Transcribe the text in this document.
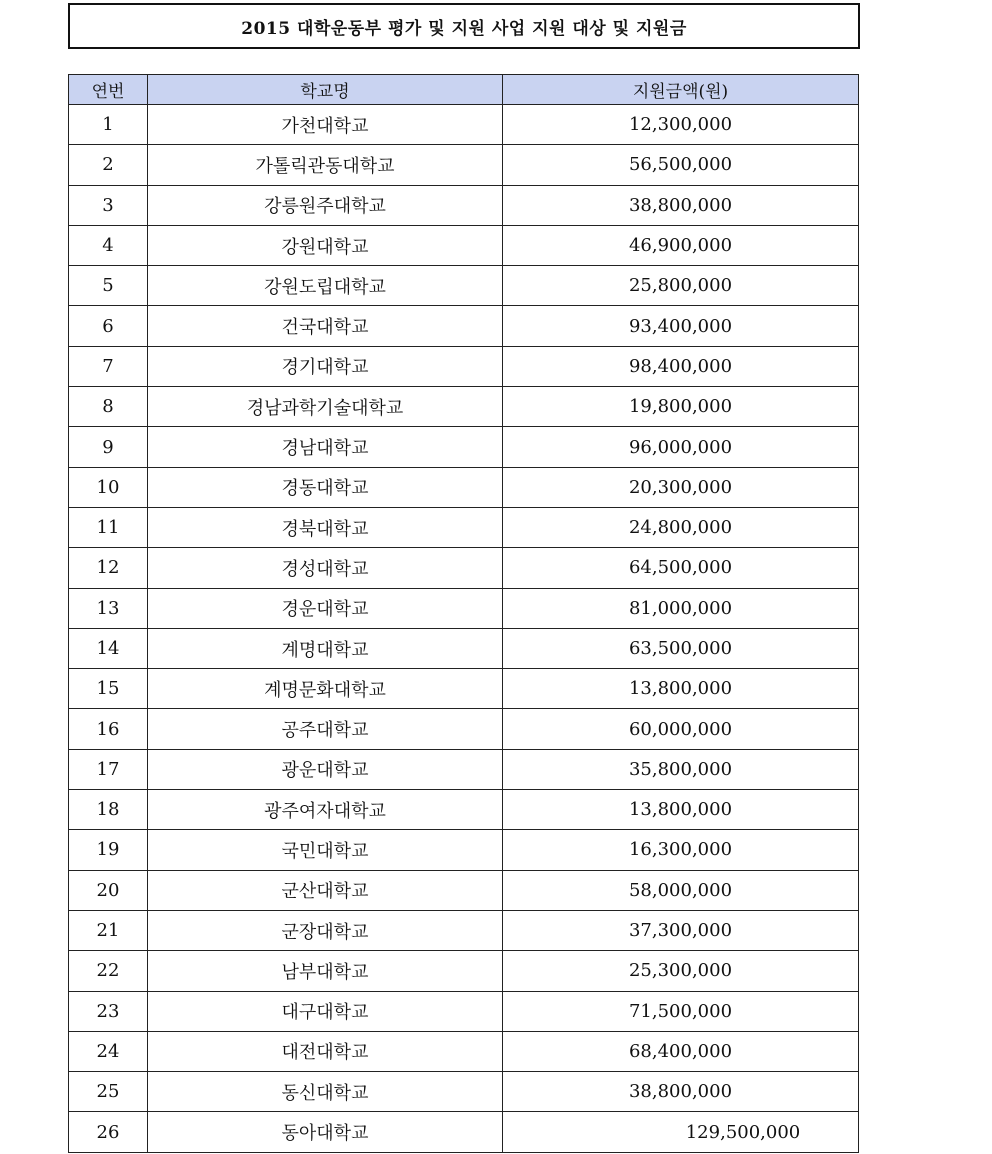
2015 대학운동부 평가 및 지원 사업 지원 대상 및 지원금
연번	학교명	지원금액(원)
1	가천대학교	12,300,000
2	가톨릭관동대학교	56,500,000
3	강릉원주대학교	38,800,000
4	강원대학교	46,900,000
5	강원도립대학교	25,800,000
6	건국대학교	93,400,000
7	경기대학교	98,400,000
8	경남과학기술대학교	19,800,000
9	경남대학교	96,000,000
10	경동대학교	20,300,000
11	경북대학교	24,800,000
12	경성대학교	64,500,000
13	경운대학교	81,000,000
14	계명대학교	63,500,000
15	계명문화대학교	13,800,000
16	공주대학교	60,000,000
17	광운대학교	35,800,000
18	광주여자대학교	13,800,000
19	국민대학교	16,300,000
20	군산대학교	58,000,000
21	군장대학교	37,300,000
22	남부대학교	25,300,000
23	대구대학교	71,500,000
24	대전대학교	68,400,000
25	동신대학교	38,800,000
26	동아대학교	129,500,000
